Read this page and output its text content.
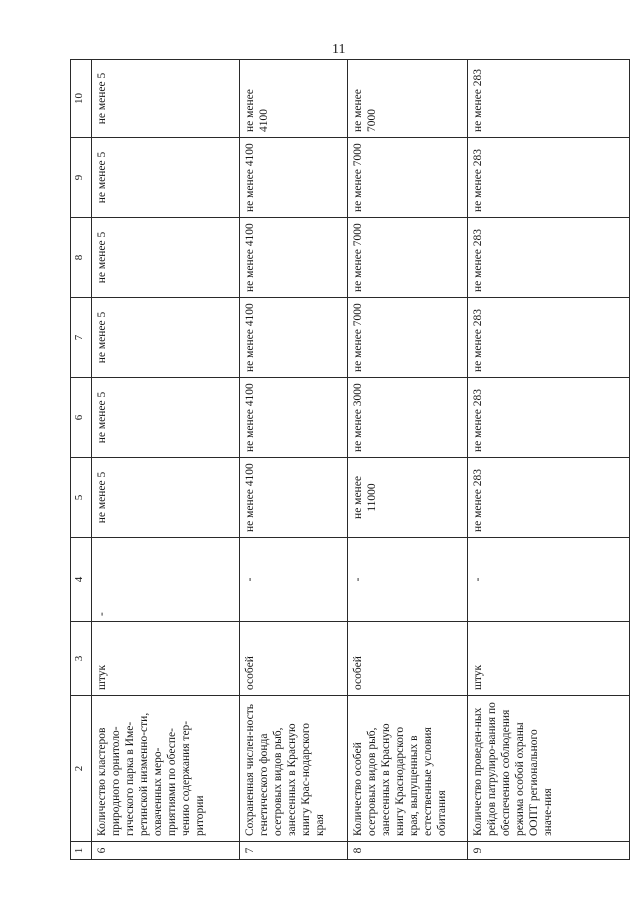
11
1	2	3	4	5	6	7	8	9	10
6	Количество кластеров природного орнитоло-гического парка в Име-ретинской низменно-сти, охваченных меро-приятиями по обеспе-чению содержания тер-ритории	штук	-	не менее 5	не менее 5	не менее 5	не менее 5	не менее 5	не менее 5
7	Сохраненная числен-ность генетического фонда осетровых видов рыб, занесенных в Красную книгу Крас-нодарского края	особей	-	не менее 4100	не менее 4100	не менее 4100	не менее 4100	не менее 4100	не менее 4100
8	Количество особей осетровых видов рыб, занесенных в Красную книгу Краснодарского края, выпущенных в естественные условия обитания	особей	-	не менее 11000	не менее 3000	не менее 7000	не менее 7000	не менее 7000	не менее 7000
9	Количество проведен-ных рейдов патрулиро-вания по обеспечению соблюдения режима особой охраны ООПТ регионального значе-ния	штук	-	не менее 283	не менее 283	не менее 283	не менее 283	не менее 283	не менее 283
